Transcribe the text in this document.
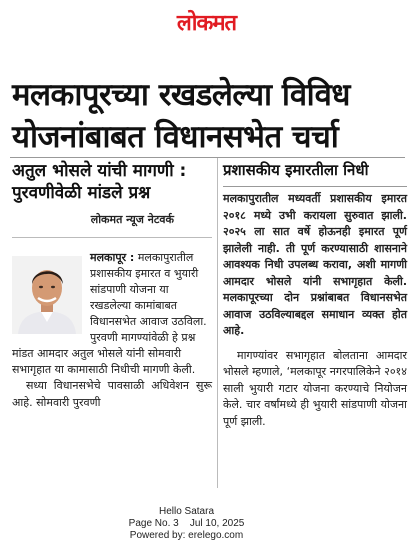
लोकमत
मलकापूरच्या रखडलेल्या विविध
योजनांबाबत विधानसभेत चर्चा
अतुल भोसले यांची मागणी :
पुरवणीवेळी मांडले प्रश्न
लोकमत न्यूज नेटवर्क
मलकापूर : मलकापुरातील प्रशासकीय इमारत व भुयारी सांडपाणी योजना या रखडलेल्या कामांबाबत विधानसभेत आवाज उठविला. पुरवणी मागण्यांवेळी हे प्रश्न मांडत आमदार अतुल भोसले यांनी सोमवारी सभागृहात या कामासाठी निधीची मागणी केली.

सध्या विधानसभेचे पावसाळी अधिवेशन सुरू आहे. सोमवारी पुरवणी

प्रशासकीय इमारतीला निधी
मलकापुरातील मध्यवर्ती प्रशासकीय इमारत २०१८ मध्ये उभी करायला सुरुवात झाली. २०२५ ला सात वर्षे होऊनही इमारत पूर्ण झालेली नाही. ती पूर्ण करण्यासाठी शासनाने आवश्यक निधी उपलब्ध करावा, अशी मागणी आमदार भोसले यांनी सभागृहात केली. मलकापूरच्या दोन प्रश्नांबाबत विधानसभेत आवाज उठविल्याबद्दल समाधान व्यक्त होत आहे.

मागण्यांवर सभागृहात बोलताना आमदार भोसले म्हणाले, ‘मलकापूर नगरपालिकेने २०१४ साली भुयारी गटार योजना करण्याचे नियोजन केले. चार वर्षांमध्ये ही भुयारी सांडपाणी योजना पूर्ण झाली.

Hello Satara
Page No. 3 Jul 10, 2025
Powered by: erelego.com
